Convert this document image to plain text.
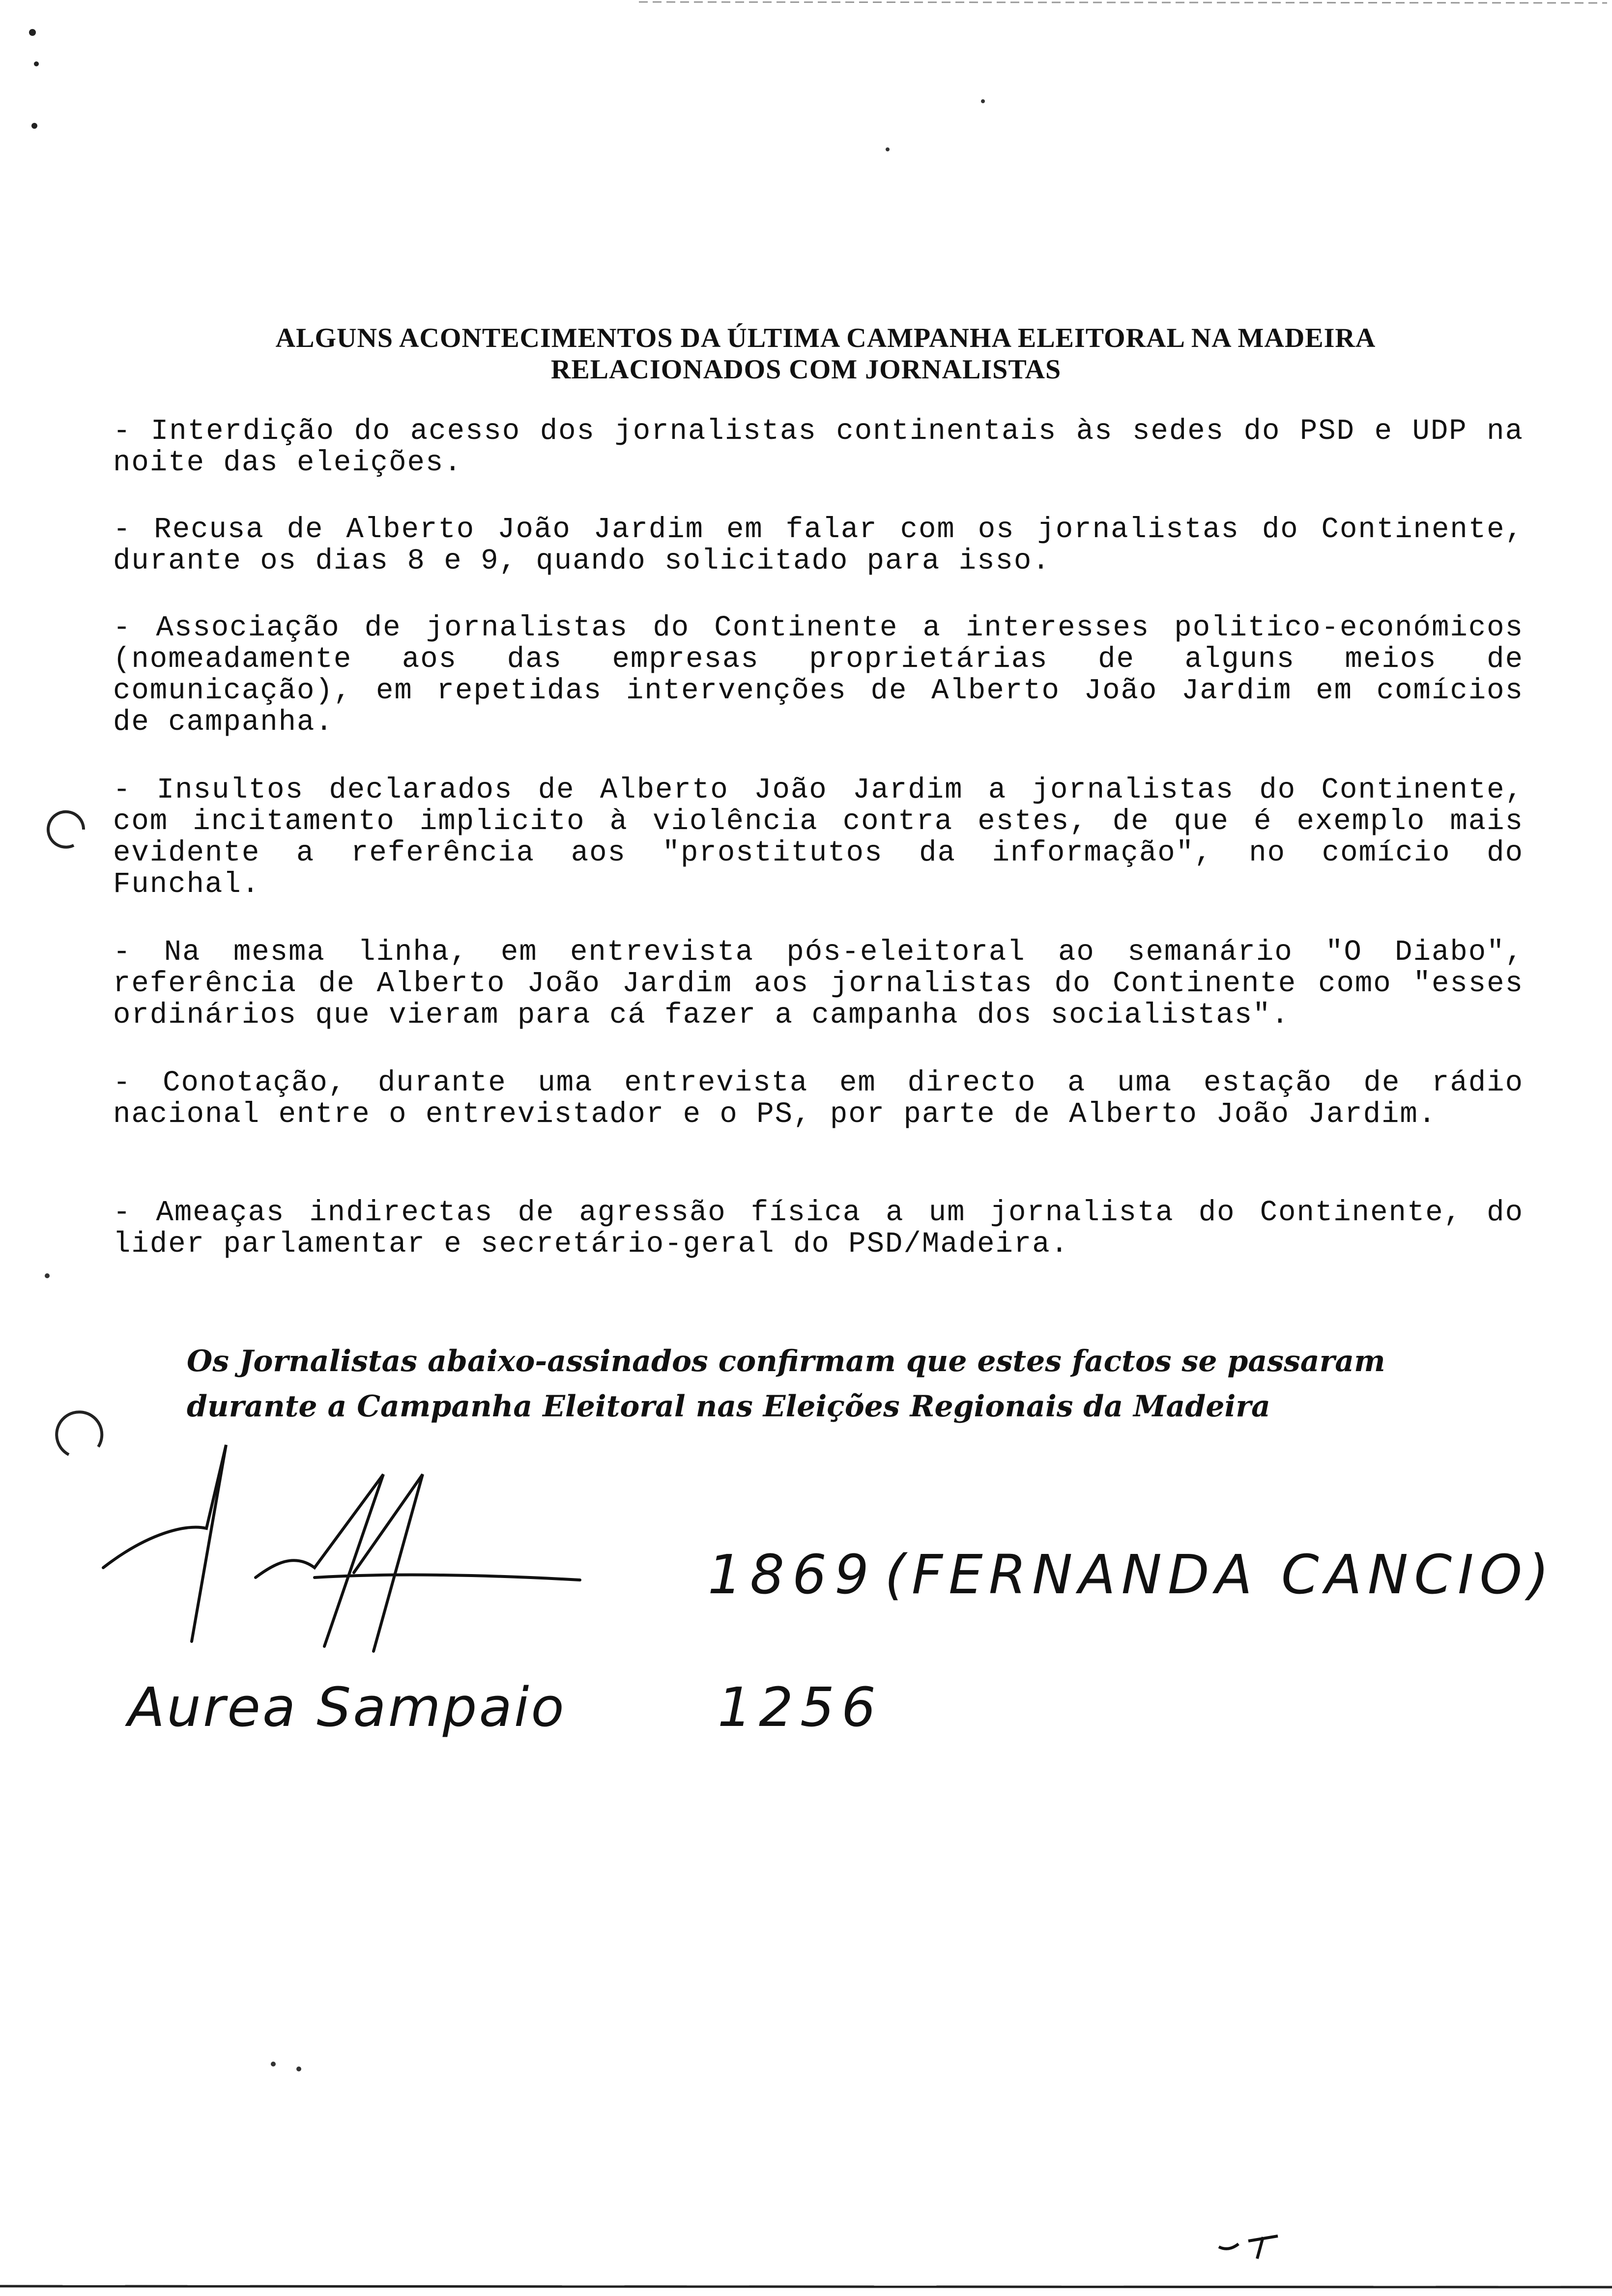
ALGUNS ACONTECIMENTOS DA ÚLTIMA CAMPANHA ELEITORAL NA MADEIRA
RELACIONADOS COM JORNALISTAS
- Interdição do acesso dos jornalistas continentais às sedes do PSD e UDP na noite das eleições.
- Recusa de Alberto João Jardim em falar com os jornalistas do Continente, durante os dias 8 e 9, quando solicitado para isso.
- Associação de jornalistas do Continente a interesses politico-económicos (nomeadamente aos das empresas proprietárias de alguns meios de comunicação), em repetidas intervenções de Alberto João Jardim em comícios de campanha.
- Insultos declarados de Alberto João Jardim a jornalistas do Continente, com incitamento implicito à violência contra estes, de que é exemplo mais evidente a referência aos "prostitutos da informação", no comício do Funchal.
- Na mesma linha, em entrevista pós-eleitoral ao semanário "O Diabo", referência de Alberto João Jardim aos jornalistas do Continente como "esses ordinários que vieram para cá fazer a campanha dos socialistas".
- Conotação, durante uma entrevista em directo a uma estação de rádio nacional entre o entrevistador e o PS, por parte de Alberto João Jardim.
- Ameaças indirectas de agressão física a um jornalista do Continente, do lider parlamentar e secretário-geral do PSD/Madeira.
Os Jornalistas abaixo-assinados confirmam que estes factos se passaram durante a Campanha Eleitoral nas Eleições Regionais da Madeira
1869 (FERNANDA CANCIO)
Aurea Sampaio	1256
